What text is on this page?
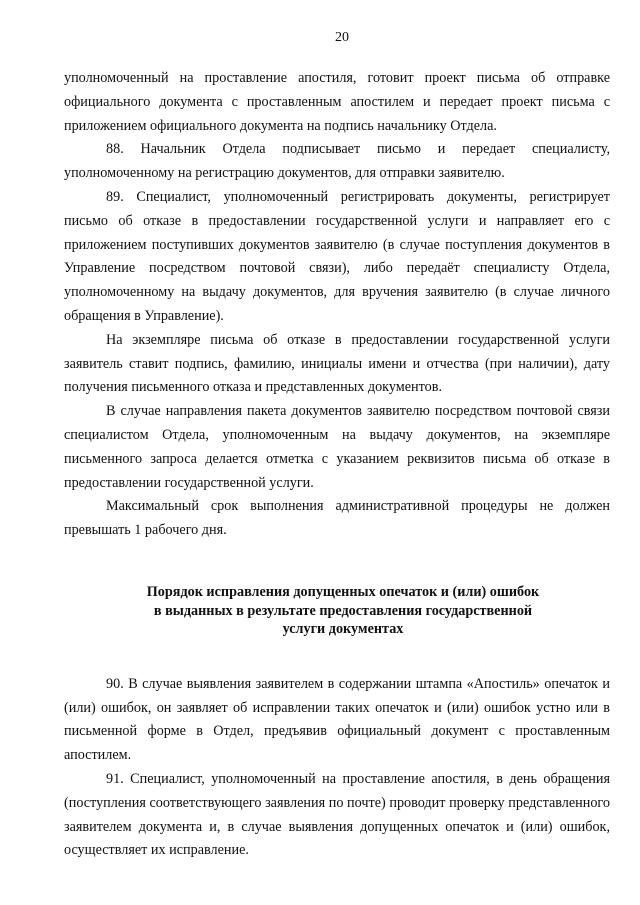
20

уполномоченный на проставление апостиля, готовит проект письма об отправке официального документа с проставленным апостилем и передает проект письма с приложением официального документа на подпись начальнику Отдела.

88. Начальник Отдела подписывает письмо и передает специалисту, уполномоченному на регистрацию документов, для отправки заявителю.

89. Специалист, уполномоченный регистрировать документы, регистрирует письмо об отказе в предоставлении государственной услуги и направляет его с приложением поступивших документов заявителю (в случае поступления документов в Управление посредством почтовой связи), либо передаёт специалисту Отдела, уполномоченному на выдачу документов, для вручения заявителю (в случае личного обращения в Управление).

На экземпляре письма об отказе в предоставлении государственной услуги заявитель ставит подпись, фамилию, инициалы имени и отчества (при наличии), дату получения письменного отказа и представленных документов.

В случае направления пакета документов заявителю посредством почтовой связи специалистом Отдела, уполномоченным на выдачу документов, на экземпляре письменного запроса делается отметка с указанием реквизитов письма об отказе в предоставлении государственной услуги.

Максимальный срок выполнения административной процедуры не должен превышать 1 рабочего дня.

Порядок исправления допущенных опечаток и (или) ошибок
в выданных в результате предоставления государственной
услуги документах

90. В случае выявления заявителем в содержании штампа «Апостиль» опечаток и (или) ошибок, он заявляет об исправлении таких опечаток и (или) ошибок устно или в письменной форме в Отдел, предъявив официальный документ с проставленным апостилем.

91. Специалист, уполномоченный на проставление апостиля, в день обращения (поступления соответствующего заявления по почте) проводит проверку представленного заявителем документа и, в случае выявления допущенных опечаток и (или) ошибок, осуществляет их исправление.
